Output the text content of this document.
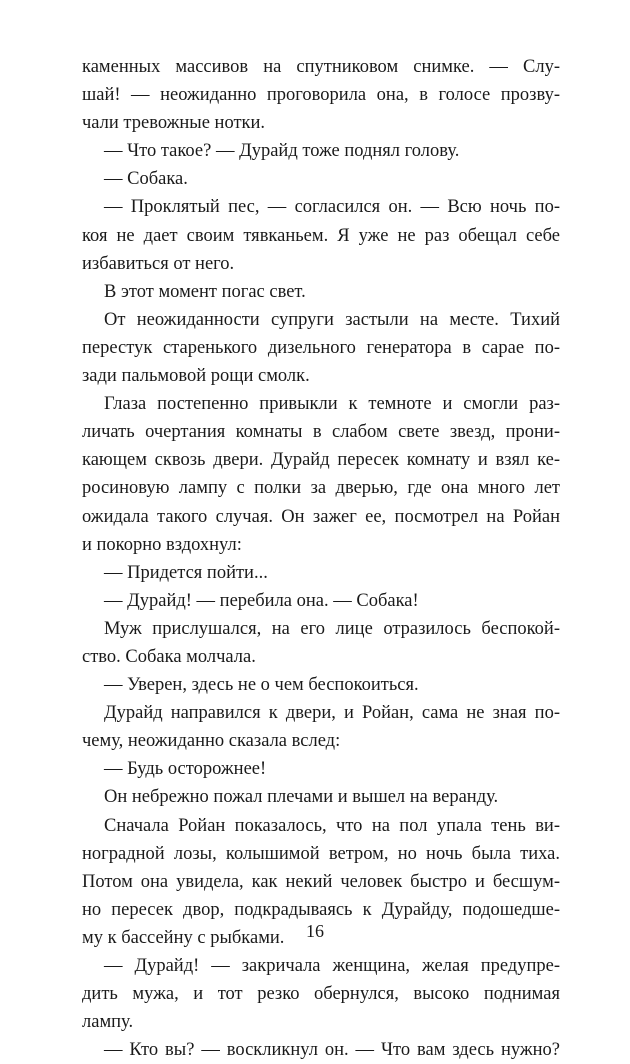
каменных массивов на спутниковом снимке. — Слу-
шай! — неожиданно проговорила она, в голосе прозву-
чали тревожные нотки.
— Что такое? — Дурайд тоже поднял голову.
— Собака.
— Проклятый пес, — согласился он. — Всю ночь по-
коя не дает своим тявканьем. Я уже не раз обещал себе
избавиться от него.
В этот момент погас свет.
От неожиданности супруги застыли на месте. Тихий
перестук старенького дизельного генератора в сарае по-
зади пальмовой рощи смолк.
Глаза постепенно привыкли к темноте и смогли раз-
личать очертания комнаты в слабом свете звезд, прони-
кающем сквозь двери. Дурайд пересек комнату и взял ке-
росиновую лампу с полки за дверью, где она много лет
ожидала такого случая. Он зажег ее, посмотрел на Ройан
и покорно вздохнул:
— Придется пойти...
— Дурайд! — перебила она. — Собака!
Муж прислушался, на его лице отразилось беспокой-
ство. Собака молчала.
— Уверен, здесь не о чем беспокоиться.
Дурайд направился к двери, и Ройан, сама не зная по-
чему, неожиданно сказала вслед:
— Будь осторожнее!
Он небрежно пожал плечами и вышел на веранду.
Сначала Ройан показалось, что на пол упала тень ви-
ноградной лозы, колышимой ветром, но ночь была тиха.
Потом она увидела, как некий человек быстро и бесшум-
но пересек двор, подкрадываясь к Дурайду, подошедше-
му к бассейну с рыбками.
— Дурайд! — закричала женщина, желая предупре-
дить мужа, и тот резко обернулся, высоко поднимая
лампу.
— Кто вы? — воскликнул он. — Что вам здесь нужно?
16
